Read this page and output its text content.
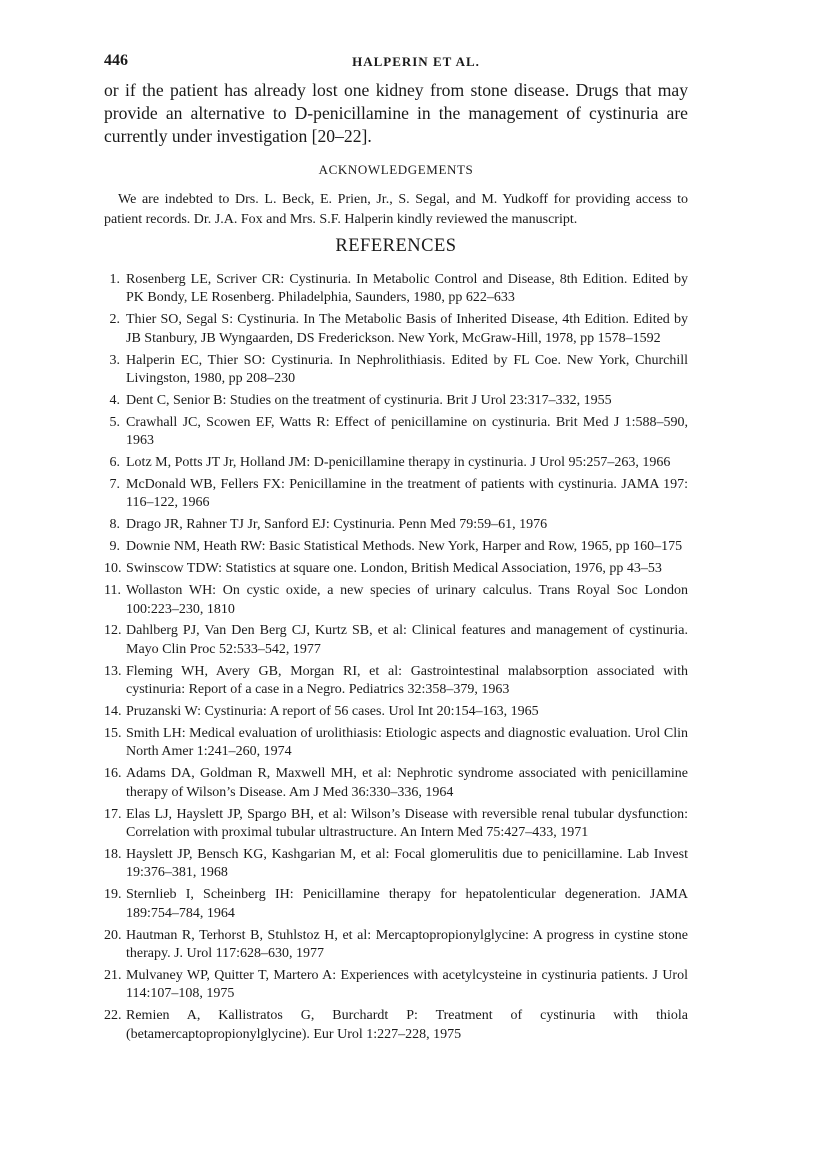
446	HALPERIN ET AL.

or if the patient has already lost one kidney from stone disease. Drugs that may provide an alternative to D-penicillamine in the management of cystinuria are currently under investigation [20–22].

ACKNOWLEDGEMENTS

We are indebted to Drs. L. Beck, E. Prien, Jr., S. Segal, and M. Yudkoff for providing access to patient records. Dr. J.A. Fox and Mrs. S.F. Halperin kindly reviewed the manuscript.

REFERENCES
1. Rosenberg LE, Scriver CR: Cystinuria. In Metabolic Control and Disease, 8th Edition. Edited by PK Bondy, LE Rosenberg. Philadelphia, Saunders, 1980, pp 622–633
2. Thier SO, Segal S: Cystinuria. In The Metabolic Basis of Inherited Disease, 4th Edition. Edited by JB Stanbury, JB Wyngaarden, DS Frederickson. New York, McGraw-Hill, 1978, pp 1578–1592
3. Halperin EC, Thier SO: Cystinuria. In Nephrolithiasis. Edited by FL Coe. New York, Churchill Livingston, 1980, pp 208–230
4. Dent C, Senior B: Studies on the treatment of cystinuria. Brit J Urol 23:317–332, 1955
5. Crawhall JC, Scowen EF, Watts R: Effect of penicillamine on cystinuria. Brit Med J 1:588–590, 1963
6. Lotz M, Potts JT Jr, Holland JM: D-penicillamine therapy in cystinuria. J Urol 95:257–263, 1966
7. McDonald WB, Fellers FX: Penicillamine in the treatment of patients with cystinuria. JAMA 197: 116–122, 1966
8. Drago JR, Rahner TJ Jr, Sanford EJ: Cystinuria. Penn Med 79:59–61, 1976
9. Downie NM, Heath RW: Basic Statistical Methods. New York, Harper and Row, 1965, pp 160–175
10. Swinscow TDW: Statistics at square one. London, British Medical Association, 1976, pp 43–53
11. Wollaston WH: On cystic oxide, a new species of urinary calculus. Trans Royal Soc London 100:223–230, 1810
12. Dahlberg PJ, Van Den Berg CJ, Kurtz SB, et al: Clinical features and management of cystinuria. Mayo Clin Proc 52:533–542, 1977
13. Fleming WH, Avery GB, Morgan RI, et al: Gastrointestinal malabsorption associated with cystinuria: Report of a case in a Negro. Pediatrics 32:358–379, 1963
14. Pruzanski W: Cystinuria: A report of 56 cases. Urol Int 20:154–163, 1965
15. Smith LH: Medical evaluation of urolithiasis: Etiologic aspects and diagnostic evaluation. Urol Clin North Amer 1:241–260, 1974
16. Adams DA, Goldman R, Maxwell MH, et al: Nephrotic syndrome associated with penicillamine therapy of Wilson’s Disease. Am J Med 36:330–336, 1964
17. Elas LJ, Hayslett JP, Spargo BH, et al: Wilson’s Disease with reversible renal tubular dysfunction: Correlation with proximal tubular ultrastructure. An Intern Med 75:427–433, 1971
18. Hayslett JP, Bensch KG, Kashgarian M, et al: Focal glomerulitis due to penicillamine. Lab Invest 19:376–381, 1968
19. Sternlieb I, Scheinberg IH: Penicillamine therapy for hepatolenticular degeneration. JAMA 189:754–784, 1964
20. Hautman R, Terhorst B, Stuhlstoz H, et al: Mercaptopropionylglycine: A progress in cystine stone therapy. J. Urol 117:628–630, 1977
21. Mulvaney WP, Quitter T, Martero A: Experiences with acetylcysteine in cystinuria patients. J Urol 114:107–108, 1975
22. Remien A, Kallistratos G, Burchardt P: Treatment of cystinuria with thiola (betamercaptopropionylglycine). Eur Urol 1:227–228, 1975
